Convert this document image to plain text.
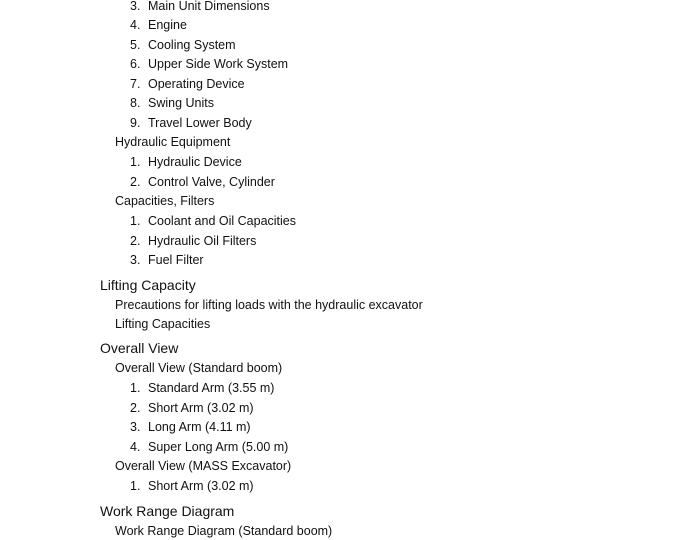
3. Main Unit Dimensions
4. Engine
5. Cooling System
6. Upper Side Work System
7. Operating Device
8. Swing Units
9. Travel Lower Body
Hydraulic Equipment
1. Hydraulic Device
2. Control Valve, Cylinder
Capacities, Filters
1. Coolant and Oil Capacities
2. Hydraulic Oil Filters
3. Fuel Filter
Lifting Capacity
Precautions for lifting loads with the hydraulic excavator
Lifting Capacities
Overall View
Overall View (Standard boom)
1. Standard Arm (3.55 m)
2. Short Arm (3.02 m)
3. Long Arm (4.11 m)
4. Super Long Arm (5.00 m)
Overall View (MASS Excavator)
1. Short Arm (3.02 m)
Work Range Diagram
Work Range Diagram (Standard boom)
